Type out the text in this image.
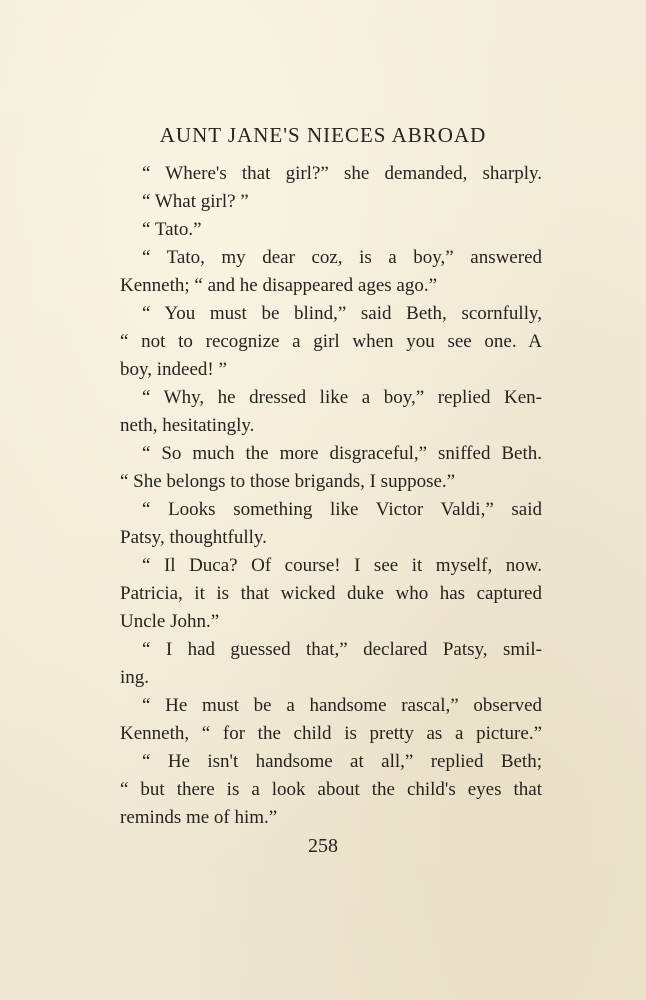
AUNT JANE'S NIECES ABROAD
“ Where's that girl?” she demanded, sharply.
“ What girl? ”
“ Tato.”
“ Tato, my dear coz, is a boy,” answered
Kenneth; “ and he disappeared ages ago.”
“ You must be blind,” said Beth, scornfully,
“ not to recognize a girl when you see one. A
boy, indeed! ”
“ Why, he dressed like a boy,” replied Ken-
neth, hesitatingly.
“ So much the more disgraceful,” sniffed Beth.
“ She belongs to those brigands, I suppose.”
“ Looks something like Victor Valdi,” said
Patsy, thoughtfully.
“ Il Duca? Of course! I see it myself, now.
Patricia, it is that wicked duke who has captured
Uncle John.”
“ I had guessed that,” declared Patsy, smil-
ing.
“ He must be a handsome rascal,” observed
Kenneth, “ for the child is pretty as a picture.”
“ He isn't handsome at all,” replied Beth;
“ but there is a look about the child's eyes that
reminds me of him.”
258
